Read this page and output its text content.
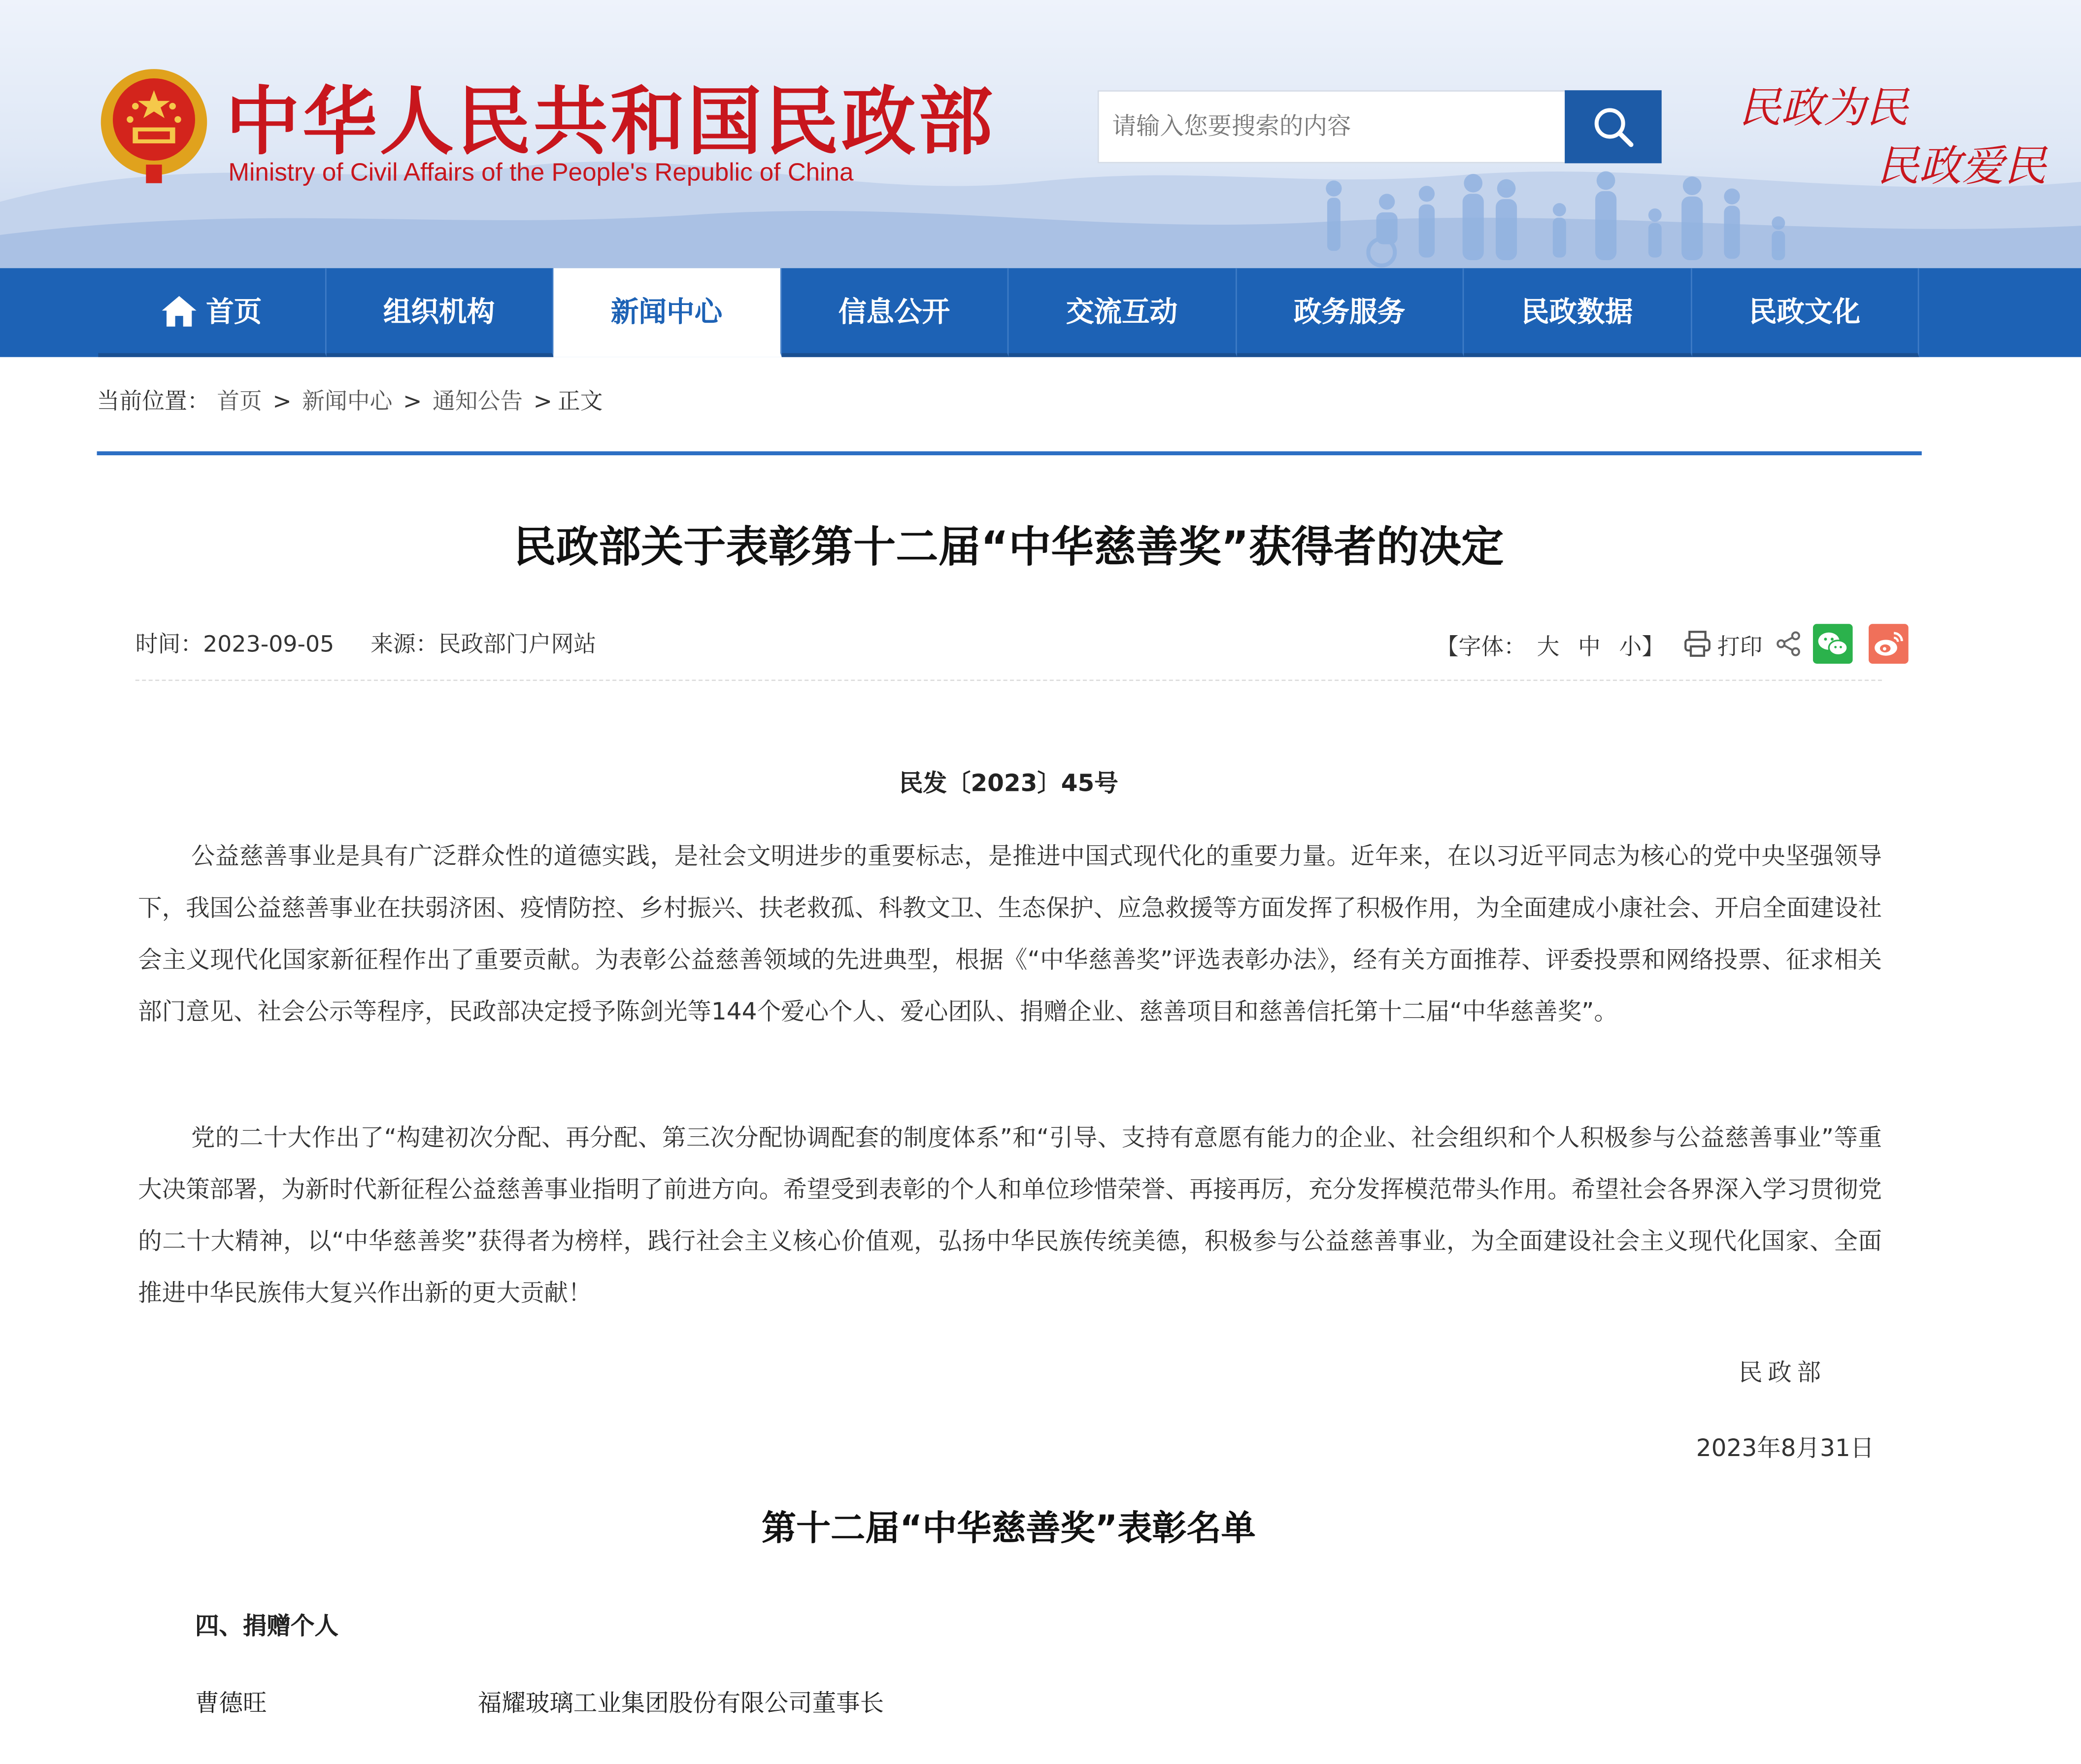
中华人民共和国民政部
Ministry of Civil Affairs of the People's Republic of China
请输入您要搜索的内容
民政为民
民政爱民
首页	组织机构	新闻中心	信息公开	交流互动	政务服务	民政数据	民政文化
当前位置： 首页 > 新闻中心 > 通知公告 > 正文
民政部关于表彰第十二届“中华慈善奖”获得者的决定
时间：2023-09-05	来源：民政部门户网站	【字体： 大 中 小 】	打印
民发〔2023〕45号
公益慈善事业是具有广泛群众性的道德实践，是社会文明进步的重要标志，是推进中国式现代化的重要力量。近年来，在以习近平同志为核心的党中央坚强领导下，我国公益慈善事业在扶弱济困、疫情防控、乡村振兴、扶老救孤、科教文卫、生态保护、应急救援等方面发挥了积极作用，为全面建成小康社会、开启全面建设社会主义现代化国家新征程作出了重要贡献。为表彰公益慈善领域的先进典型，根据《“中华慈善奖”评选表彰办法》，经有关方面推荐、评委投票和网络投票、征求相关部门意见、社会公示等程序，民政部决定授予陈剑光等144个爱心个人、爱心团队、捐赠企业、慈善项目和慈善信托第十二届“中华慈善奖”。
党的二十大作出了“构建初次分配、再分配、第三次分配协调配套的制度体系”和“引导、支持有意愿有能力的企业、社会组织和个人积极参与公益慈善事业”等重大决策部署，为新时代新征程公益慈善事业指明了前进方向。希望受到表彰的个人和单位珍惜荣誉、再接再厉，充分发挥模范带头作用。希望社会各界深入学习贯彻党的二十大精神，以“中华慈善奖”获得者为榜样，践行社会主义核心价值观，弘扬中华民族传统美德，积极参与公益慈善事业，为全面建设社会主义现代化国家、全面推进中华民族伟大复兴作出新的更大贡献！
民政部
2023年8月31日
第十二届“中华慈善奖”表彰名单
四、捐赠个人
曹德旺	福耀玻璃工业集团股份有限公司董事长
